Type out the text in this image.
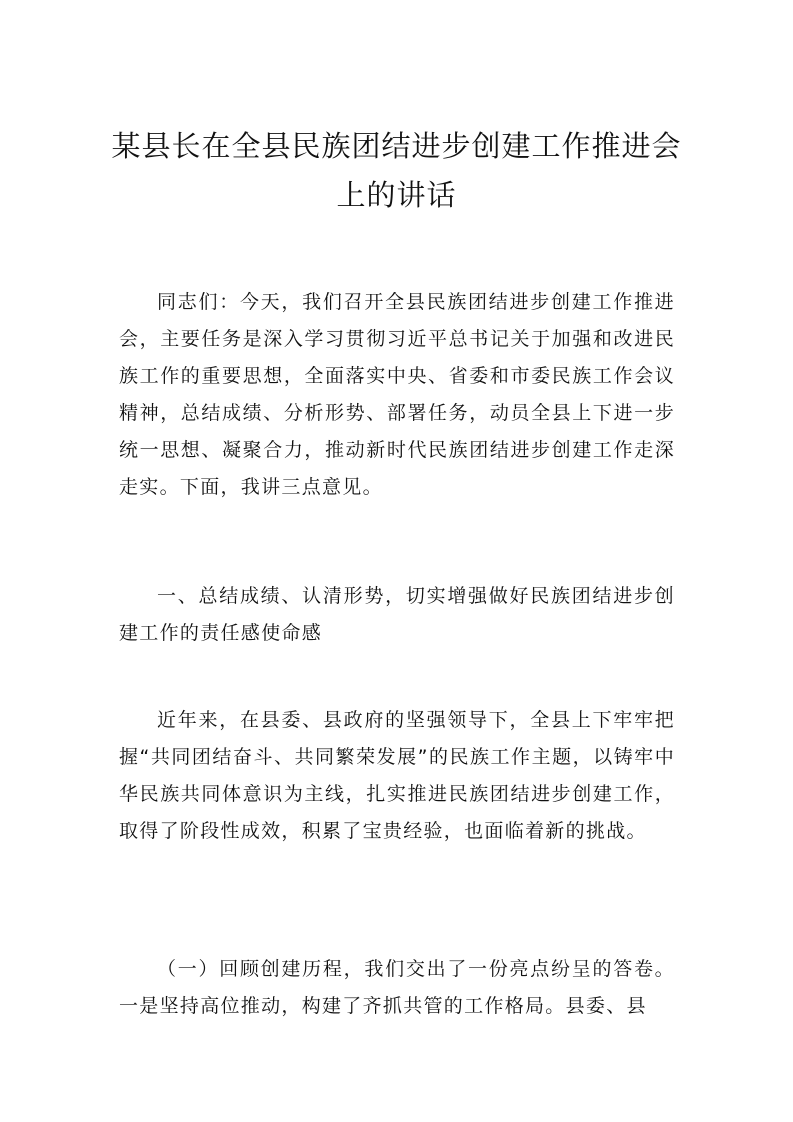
某县长在全县民族团结进步创建工作推进会上的讲话

同志们：今天，我们召开全县民族团结进步创建工作推进会，主要任务是深入学习贯彻习近平总书记关于加强和改进民族工作的重要思想，全面落实中央、省委和市委民族工作会议精神，总结成绩、分析形势、部署任务，动员全县上下进一步统一思想、凝聚合力，推动新时代民族团结进步创建工作走深走实。下面，我讲三点意见。

一、总结成绩、认清形势，切实增强做好民族团结进步创建工作的责任感使命感

近年来，在县委、县政府的坚强领导下，全县上下牢牢把握“共同团结奋斗、共同繁荣发展”的民族工作主题，以铸牢中华民族共同体意识为主线，扎实推进民族团结进步创建工作，取得了阶段性成效，积累了宝贵经验，也面临着新的挑战。

（一）回顾创建历程，我们交出了一份亮点纷呈的答卷。一是坚持高位推动，构建了齐抓共管的工作格局。县委、县
